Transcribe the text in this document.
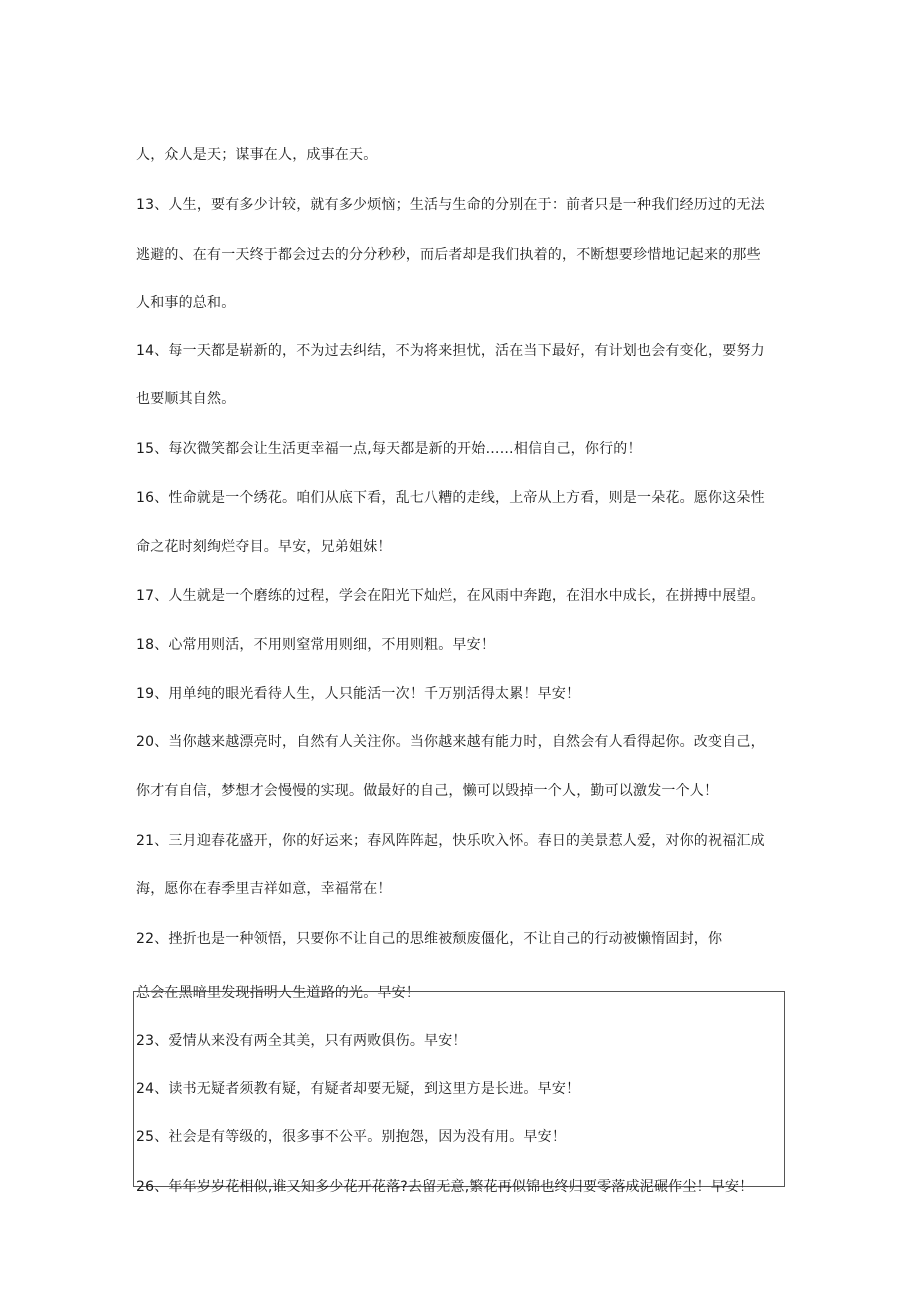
人，众人是天；谋事在人，成事在天。

13、人生，要有多少计较，就有多少烦恼；生活与生命的分别在于：前者只是一种我们经历过的无法

逃避的、在有一天终于都会过去的分分秒秒，而后者却是我们执着的，不断想要珍惜地记起来的那些

人和事的总和。

14、每一天都是崭新的，不为过去纠结，不为将来担忧，活在当下最好，有计划也会有变化，要努力

也要顺其自然。

15、每次微笑都会让生活更幸福一点,每天都是新的开始……相信自己，你行的！

16、性命就是一个绣花。咱们从底下看，乱七八糟的走线，上帝从上方看，则是一朵花。愿你这朵性

命之花时刻绚烂夺目。早安，兄弟姐妹！

17、人生就是一个磨练的过程，学会在阳光下灿烂，在风雨中奔跑，在泪水中成长，在拼搏中展望。

18、心常用则活，不用则窒常用则细，不用则粗。早安！

19、用单纯的眼光看待人生，人只能活一次！千万别活得太累！早安！

20、当你越来越漂亮时，自然有人关注你。当你越来越有能力时，自然会有人看得起你。改变自己，

你才有自信，梦想才会慢慢的实现。做最好的自己，懒可以毁掉一个人，勤可以激发一个人！

21、三月迎春花盛开，你的好运来；春风阵阵起，快乐吹入怀。春日的美景惹人爱，对你的祝福汇成

海，愿你在春季里吉祥如意，幸福常在！

22、挫折也是一种领悟，只要你不让自己的思维被颓废僵化，不让自己的行动被懒惰固封，你

总会在黑暗里发现指明人生道路的光。早安！

23、爱情从来没有两全其美，只有两败俱伤。早安！

24、读书无疑者须教有疑，有疑者却要无疑，到这里方是长进。早安！

25、社会是有等级的，很多事不公平。别抱怨，因为没有用。早安！

26、年年岁岁花相似,谁又知多少花开花落?去留无意,繁花再似锦也终归要零落成泥碾作尘！早安！
